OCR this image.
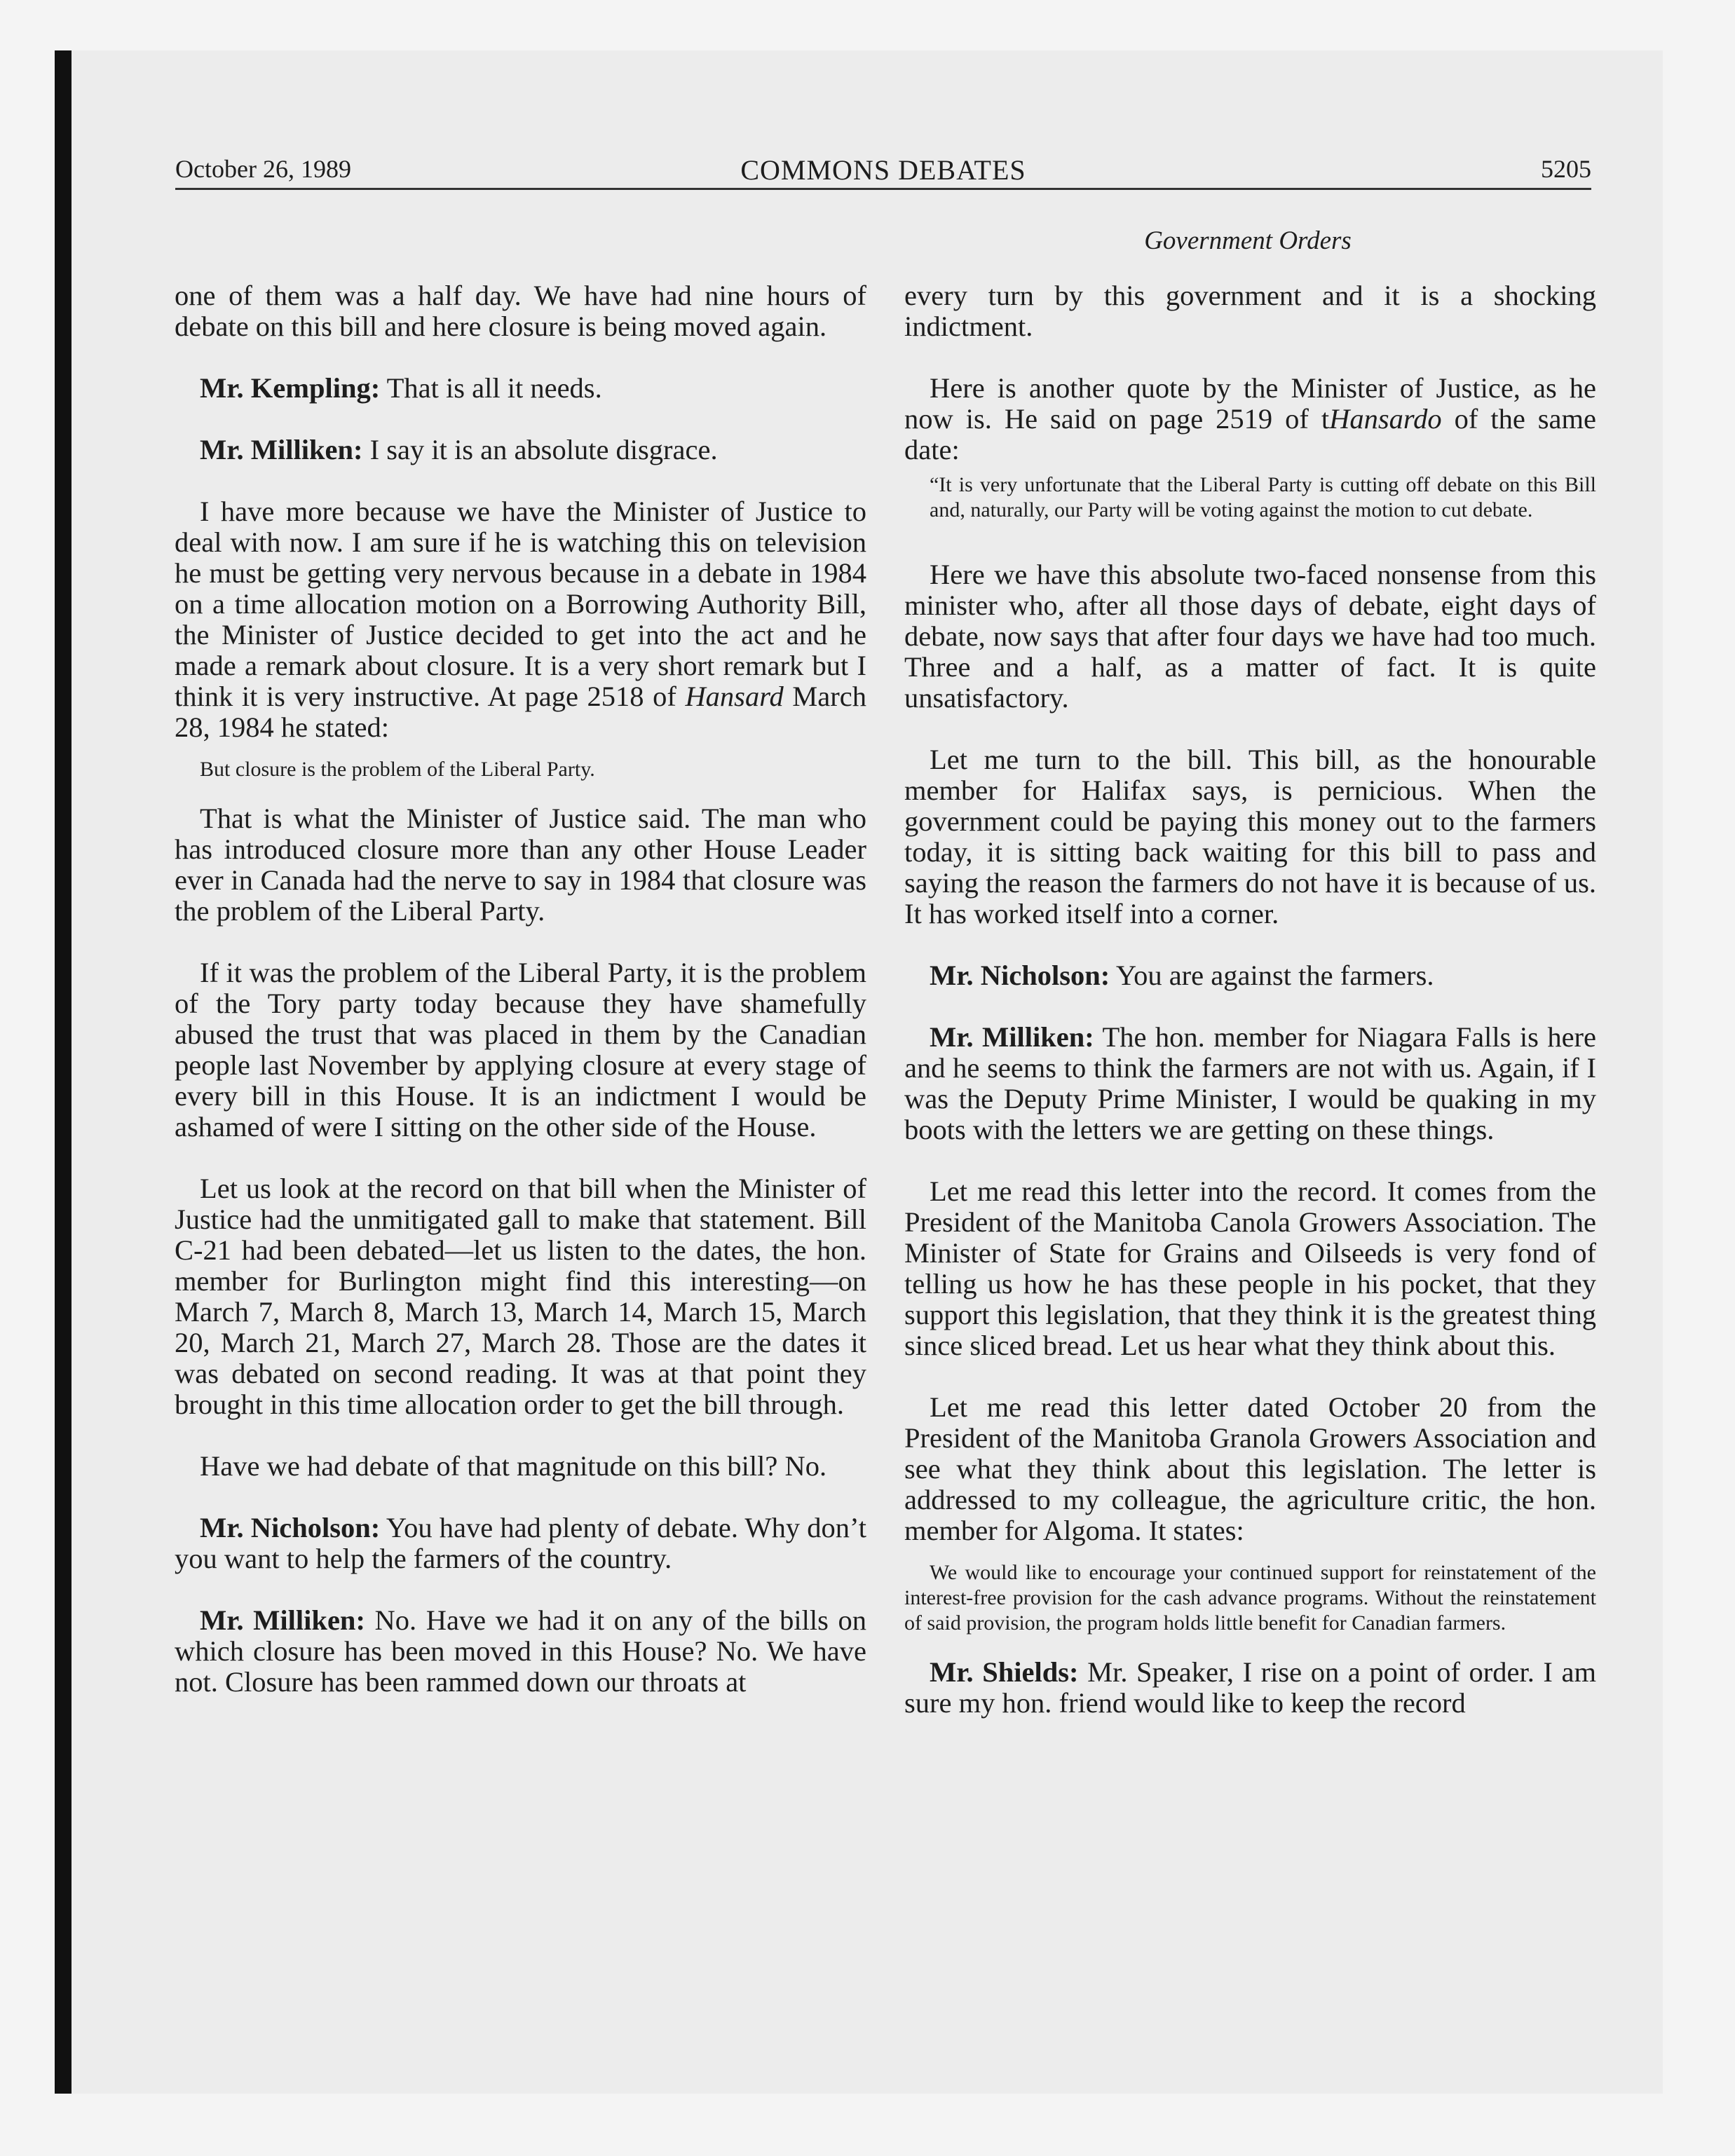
October 26, 1989	COMMONS DEBATES	5205
Government Orders

one of them was a half day. We have had nine hours of debate on this bill and here closure is being moved again.

Mr. Kempling: That is all it needs.

Mr. Milliken: I say it is an absolute disgrace.

I have more because we have the Minister of Justice to deal with now. I am sure if he is watching this on television he must be getting very nervous because in a debate in 1984 on a time allocation motion on a Borrowing Authority Bill, the Minister of Justice decided to get into the act and he made a remark about closure. It is a very short remark but I think it is very instructive. At page 2518 of Hansard March 28, 1984 he stated:

But closure is the problem of the Liberal Party.

That is what the Minister of Justice said. The man who has introduced closure more than any other House Leader ever in Canada had the nerve to say in 1984 that closure was the problem of the Liberal Party.

If it was the problem of the Liberal Party, it is the problem of the Tory party today because they have shamefully abused the trust that was placed in them by the Canadian people last November by applying closure at every stage of every bill in this House. It is an indictment I would be ashamed of were I sitting on the other side of the House.

Let us look at the record on that bill when the Minister of Justice had the unmitigated gall to make that statement. Bill C-21 had been debated—let us listen to the dates, the hon. member for Burlington might find this interesting—on March 7, March 8, March 13, March 14, March 15, March 20, March 21, March 27, March 28. Those are the dates it was debated on second reading. It was at that point they brought in this time allocation order to get the bill through.

Have we had debate of that magnitude on this bill? No.

Mr. Nicholson: You have had plenty of debate. Why don’t you want to help the farmers of the country.

Mr. Milliken: No. Have we had it on any of the bills on which closure has been moved in this House? No. We have not. Closure has been rammed down our throats at

every turn by this government and it is a shocking indictment.

Here is another quote by the Minister of Justice, as he now is. He said on page 2519 of tHansardo of the same date:

“It is very unfortunate that the Liberal Party is cutting off debate on this Bill and, naturally, our Party will be voting against the motion to cut debate.

Here we have this absolute two-faced nonsense from this minister who, after all those days of debate, eight days of debate, now says that after four days we have had too much. Three and a half, as a matter of fact. It is quite unsatisfactory.

Let me turn to the bill. This bill, as the honourable member for Halifax says, is pernicious. When the government could be paying this money out to the farmers today, it is sitting back waiting for this bill to pass and saying the reason the farmers do not have it is because of us. It has worked itself into a corner.

Mr. Nicholson: You are against the farmers.

Mr. Milliken: The hon. member for Niagara Falls is here and he seems to think the farmers are not with us. Again, if I was the Deputy Prime Minister, I would be quaking in my boots with the letters we are getting on these things.

Let me read this letter into the record. It comes from the President of the Manitoba Canola Growers Association. The Minister of State for Grains and Oilseeds is very fond of telling us how he has these people in his pocket, that they support this legislation, that they think it is the greatest thing since sliced bread. Let us hear what they think about this.

Let me read this letter dated October 20 from the President of the Manitoba Granola Growers Association and see what they think about this legislation. The letter is addressed to my colleague, the agriculture critic, the hon. member for Algoma. It states:

We would like to encourage your continued support for reinstatement of the interest-free provision for the cash advance programs. Without the reinstatement of said provision, the program holds little benefit for Canadian farmers.

Mr. Shields: Mr. Speaker, I rise on a point of order. I am sure my hon. friend would like to keep the record
